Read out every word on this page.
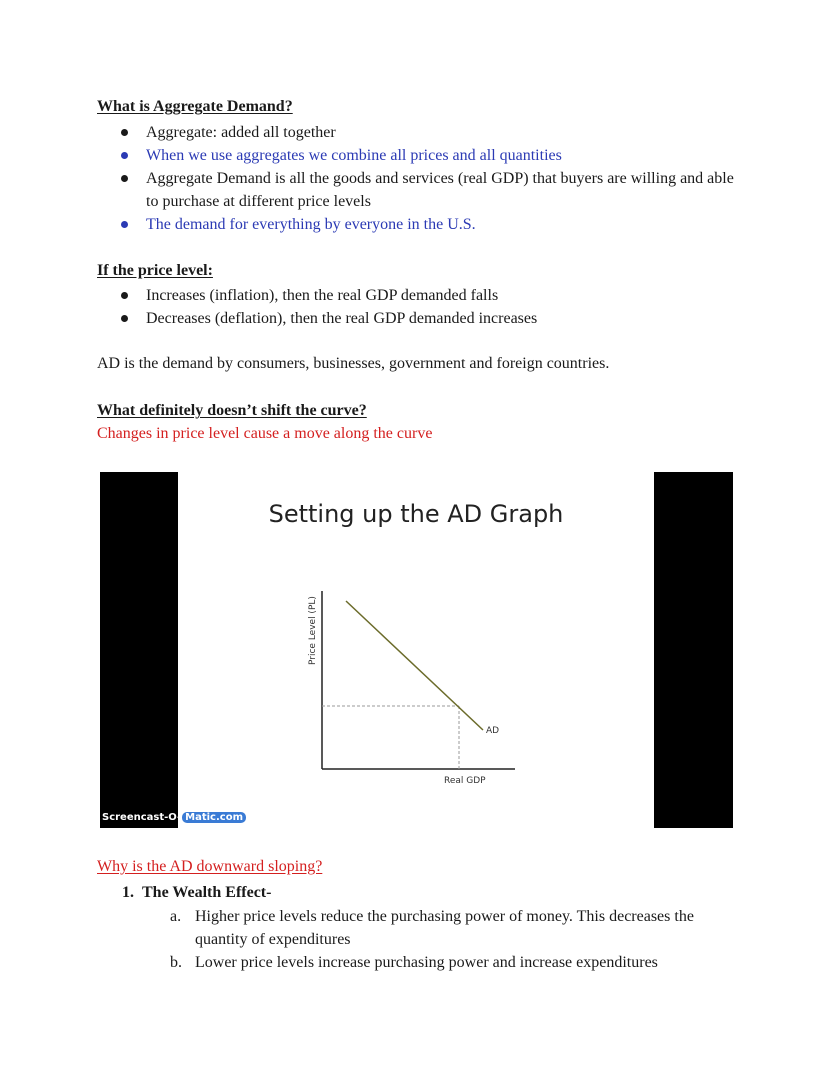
What is Aggregate Demand?
Aggregate: added all together
When we use aggregates we combine all prices and all quantities
Aggregate Demand is all the goods and services (real GDP) that buyers are willing and able to purchase at different price levels
The demand for everything by everyone in the U.S.
If the price level:
Increases (inflation), then the real GDP demanded falls
Decreases (deflation), then the real GDP demanded increases
AD is the demand by consumers, businesses, government and foreign countries.
What definitely doesn’t shift the curve?
Changes in price level cause a move along the curve
Setting up the AD Graph
Price Level (PL)
AD
Real GDP
Screencast-O- Matic.com
Why is the AD downward sloping?
1. The Wealth Effect-
a. Higher price levels reduce the purchasing power of money. This decreases the quantity of expenditures
b. Lower price levels increase purchasing power and increase expenditures
